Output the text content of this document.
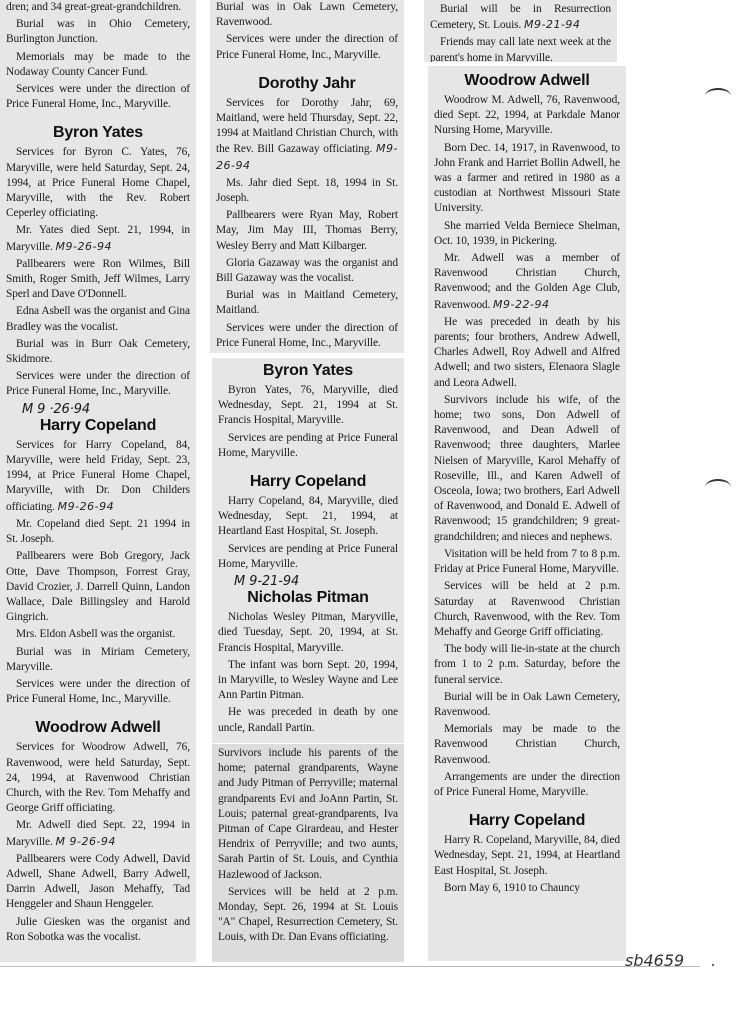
dren; and 34 great-great-grandchildren.

Burial was in Ohio Cemetery, Burlington Junction.

Memorials may be made to the Nodaway County Cancer Fund.

Services were under the direction of Price Funeral Home, Inc., Maryville.

Byron Yates

Services for Byron C. Yates, 76, Maryville, were held Saturday, Sept. 24, 1994, at Price Funeral Home Chapel, Maryville, with the Rev. Robert Ceperley officiating.

Mr. Yates died Sept. 21, 1994, in Maryville. M9-26-94

Pallbearers were Ron Wilmes, Bill Smith, Roger Smith, Jeff Wilmes, Larry Sperl and Dave O'Donnell.

Edna Asbell was the organist and Gina Bradley was the vocalist.

Burial was in Burr Oak Cemetery, Skidmore.

Services were under the direction of Price Funeral Home, Inc., Maryville.

M 9 ·26·94

Harry Copeland

Services for Harry Copeland, 84, Maryville, were held Friday, Sept. 23, 1994, at Price Funeral Home Chapel, Maryville, with Dr. Don Childers officiating. M9-26-94

Mr. Copeland died Sept. 21 1994 in St. Joseph.

Pallbearers were Bob Gregory, Jack Otte, Dave Thompson, Forrest Gray, David Crozier, J. Darrell Quinn, Landon Wallace, Dale Billingsley and Harold Gingrich.

Mrs. Eldon Asbell was the organist.

Burial was in Miriam Cemetery, Maryville.

Services were under the direction of Price Funeral Home, Inc., Maryville.

Woodrow Adwell

Services for Woodrow Adwell, 76, Ravenwood, were held Saturday, Sept. 24, 1994, at Ravenwood Christian Church, with the Rev. Tom Mehaffy and George Griff officiating.

Mr. Adwell died Sept. 22, 1994 in Maryville. M 9-26-94

Pallbearers were Cody Adwell, David Adwell, Shane Adwell, Barry Adwell, Darrin Adwell, Jason Mehaffy, Tad Henggeler and Shaun Henggeler.

Julie Giesken was the organist and Ron Sobotka was the vocalist.

Burial was in Oak Lawn Cemetery, Ravenwood.

Services were under the direction of Price Funeral Home, Inc., Maryville.

Dorothy Jahr

Services for Dorothy Jahr, 69, Maitland, were held Thursday, Sept. 22, 1994 at Maitland Christian Church, with the Rev. Bill Gazaway officiating. M9-26-94

Ms. Jahr died Sept. 18, 1994 in St. Joseph.

Pallbearers were Ryan May, Robert May, Jim May III, Thomas Berry, Wesley Berry and Matt Kilbarger.

Gloria Gazaway was the organist and Bill Gazaway was the vocalist.

Burial was in Maitland Cemetery, Maitland.

Services were under the direction of Price Funeral Home, Inc., Maryville.

Byron Yates

Byron Yates, 76, Maryville, died Wednesday, Sept. 21, 1994 at St. Francis Hospital, Maryville.

Services are pending at Price Funeral Home, Maryville.

Harry Copeland

Harry Copeland, 84, Maryville, died Wednesday, Sept. 21, 1994, at Heartland East Hospital, St. Joseph.

Services are pending at Price Funeral Home, Maryville.

M 9-21-94

Nicholas Pitman

Nicholas Wesley Pitman, Maryville, died Tuesday, Sept. 20, 1994, at St. Francis Hospital, Maryville.

The infant was born Sept. 20, 1994, in Maryville, to Wesley Wayne and Lee Ann Partin Pitman.

He was preceded in death by one uncle, Randall Partin.

Survivors include his parents of the home; paternal grandparents, Wayne and Judy Pitman of Perryville; maternal grandparents Evi and JoAnn Partin, St. Louis; paternal great-grandparents, Iva Pitman of Cape Girardeau, and Hester Hendrix of Perryville; and two aunts, Sarah Partin of St. Louis, and Cynthia Hazlewood of Jackson.

Services will be held at 2 p.m. Monday, Sept. 26, 1994 at St. Louis "A" Chapel, Resurrection Cemetery, St. Louis, with Dr. Dan Evans officiating.

Burial will be in Resurrection Cemetery, St. Louis. M9-21-94

Friends may call late next week at the parent's home in Maryville.

Woodrow Adwell

Woodrow M. Adwell, 76, Ravenwood, died Sept. 22, 1994, at Parkdale Manor Nursing Home, Maryville.

Born Dec. 14, 1917, in Ravenwood, to John Frank and Harriet Bollin Adwell, he was a farmer and retired in 1980 as a custodian at Northwest Missouri State University.

She married Velda Berniece Shelman, Oct. 10, 1939, in Pickering.

Mr. Adwell was a member of Ravenwood Christian Church, Ravenwood; and the Golden Age Club, Ravenwood. M9-22-94

He was preceded in death by his parents; four brothers, Andrew Adwell, Charles Adwell, Roy Adwell and Alfred Adwell; and two sisters, Elenaora Slagle and Leora Adwell.

Survivors include his wife, of the home; two sons, Don Adwell of Ravenwood, and Dean Adwell of Ravenwood; three daughters, Marlee Nielsen of Maryville, Karol Mehaffy of Roseville, Ill., and Karen Adwell of Osceola, Iowa; two brothers, Earl Adwell of Ravenwood, and Donald E. Adwell of Ravenwood; 15 grandchildren; 9 great-grandchildren; and nieces and nephews.

Visitation will be held from 7 to 8 p.m. Friday at Price Funeral Home, Maryville.

Services will be held at 2 p.m. Saturday at Ravenwood Christian Church, Ravenwood, with the Rev. Tom Mehaffy and George Griff officiating.

The body will lie-in-state at the church from 1 to 2 p.m. Saturday, before the funeral service.

Burial will be in Oak Lawn Cemetery, Ravenwood.

Memorials may be made to the Ravenwood Christian Church, Ravenwood.

Arrangements are under the direction of Price Funeral Home, Maryville.

Harry Copeland

Harry R. Copeland, Maryville, 84, died Wednesday, Sept. 21, 1994, at Heartland East Hospital, St. Joseph.

Born May 6, 1910 to Chauncy

sb4659
